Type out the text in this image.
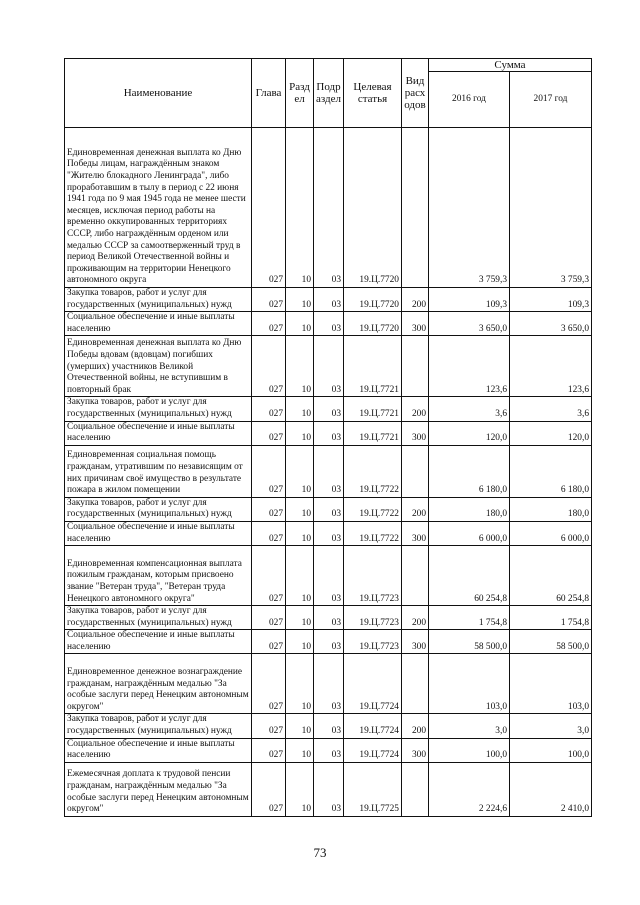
Наименование	Глава	Разд ел	Подр аздел	Целевая статья	Вид расх одов	Сумма	
						2016 год	2017 год
Единовременная денежная выплата ко Дню Победы лицам, награждённым знаком "Жителю блокадного Ленинграда", либо проработавшим в тылу в период с 22 июня 1941 года по 9 мая 1945 года не менее шести месяцев, исключая период работы на временно оккупированных территориях СССР, либо награждённым орденом или медалью СССР за самоотверженный труд в период Великой Отечественной войны и проживающим на территории Ненецкого автономного округа	027	10	03	19.Ц.7720		3 759,3	3 759,3
Закупка товаров, работ и услуг для государственных (муниципальных) нужд	027	10	03	19.Ц.7720	200	109,3	109,3
Социальное обеспечение и иные выплаты населению	027	10	03	19.Ц.7720	300	3 650,0	3 650,0
Единовременная денежная выплата ко Дню Победы вдовам (вдовцам) погибших (умерших) участников Великой Отечественной войны, не вступившим в повторный брак	027	10	03	19.Ц.7721		123,6	123,6
Закупка товаров, работ и услуг для государственных (муниципальных) нужд	027	10	03	19.Ц.7721	200	3,6	3,6
Социальное обеспечение и иные выплаты населению	027	10	03	19.Ц.7721	300	120,0	120,0
Единовременная социальная помощь гражданам, утратившим по независящим от них причинам своё имущество в результате пожара в жилом помещении	027	10	03	19.Ц.7722		6 180,0	6 180,0
Закупка товаров, работ и услуг для государственных (муниципальных) нужд	027	10	03	19.Ц.7722	200	180,0	180,0
Социальное обеспечение и иные выплаты населению	027	10	03	19.Ц.7722	300	6 000,0	6 000,0
Единовременная компенсационная выплата пожилым гражданам, которым присвоено звание "Ветеран труда", "Ветеран труда Ненецкого автономного округа"	027	10	03	19.Ц.7723		60 254,8	60 254,8
Закупка товаров, работ и услуг для государственных (муниципальных) нужд	027	10	03	19.Ц.7723	200	1 754,8	1 754,8
Социальное обеспечение и иные выплаты населению	027	10	03	19.Ц.7723	300	58 500,0	58 500,0
Единовременное денежное вознаграждение гражданам, награждённым медалью "За особые заслуги перед Ненецким автономным округом"	027	10	03	19.Ц.7724		103,0	103,0
Закупка товаров, работ и услуг для государственных (муниципальных) нужд	027	10	03	19.Ц.7724	200	3,0	3,0
Социальное обеспечение и иные выплаты населению	027	10	03	19.Ц.7724	300	100,0	100,0
Ежемесячная доплата к трудовой пенсии гражданам, награждённым медалью "За особые заслуги перед Ненецким автономным округом"	027	10	03	19.Ц.7725		2 224,6	2 410,0
73
